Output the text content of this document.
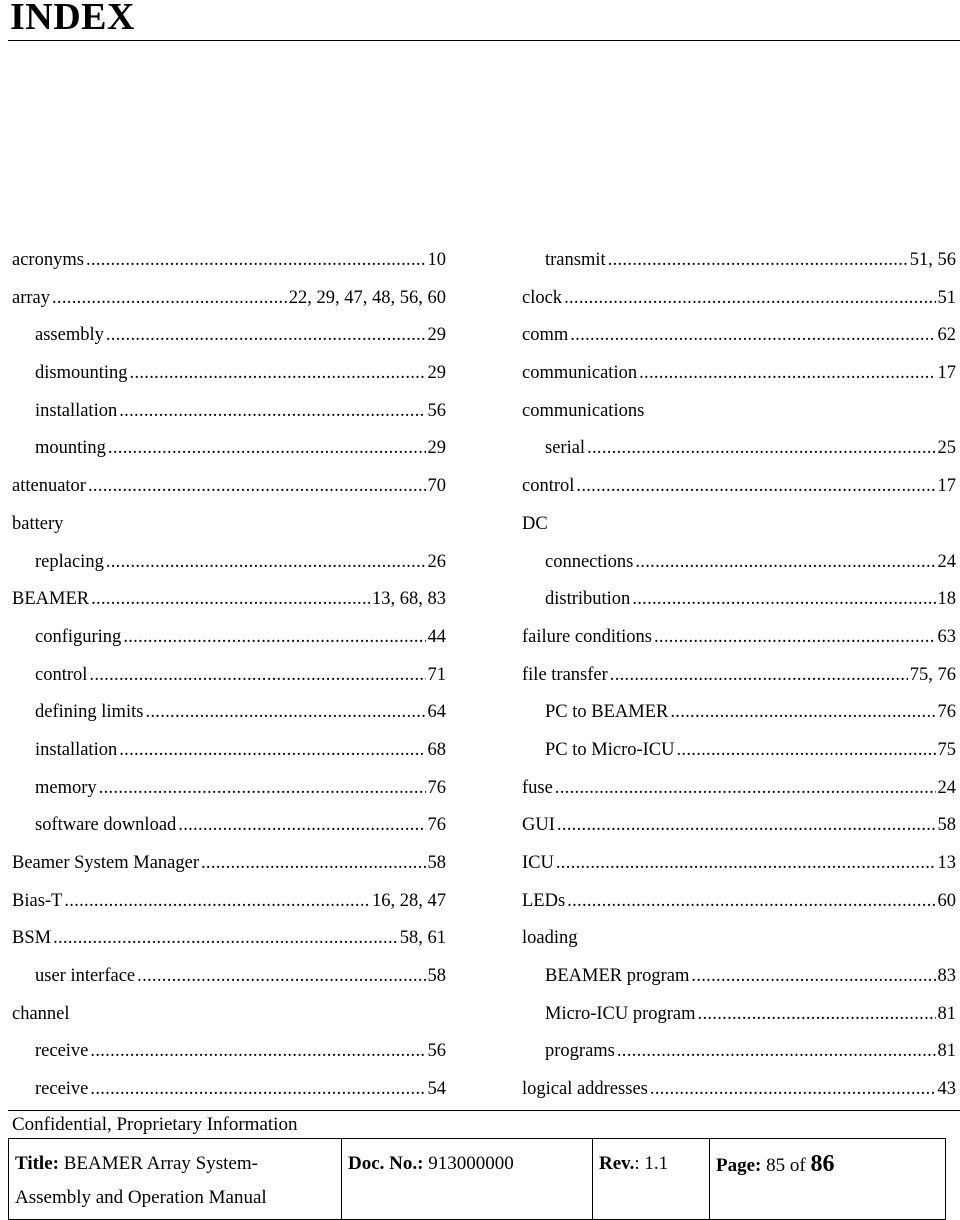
INDEX
acronyms .....	10
array .....	22, 29, 47, 48, 56, 60
assembly .....	29
dismounting .....	29
installation .....	56
mounting .....	29
attenuator .....	70
battery
replacing .....	26
BEAMER .....	13, 68, 83
configuring .....	44
control .....	71
defining limits .....	64
installation .....	68
memory .....	76
software download .....	76
Beamer System Manager .....	58
Bias-T .....	16, 28, 47
BSM .....	58, 61
user interface .....	58
channel
receive .....	56
receive .....	54
transmit .....	51, 56
clock .....	51
comm .....	62
communication .....	17
communications
serial .....	25
control .....	17
DC
connections .....	24
distribution .....	18
failure conditions .....	63
file transfer .....	75, 76
PC to BEAMER .....	76
PC to Micro-ICU .....	75
fuse .....	24
GUI .....	58
ICU .....	13
LEDs .....	60
loading
BEAMER program .....	83
Micro-ICU program .....	81
programs .....	81
logical addresses .....	43
Confidential, Proprietary Information
Title: BEAMER Array System-
Assembly and Operation Manual	Doc. No.: 913000000	Rev.: 1.1	Page: 85 of 86
